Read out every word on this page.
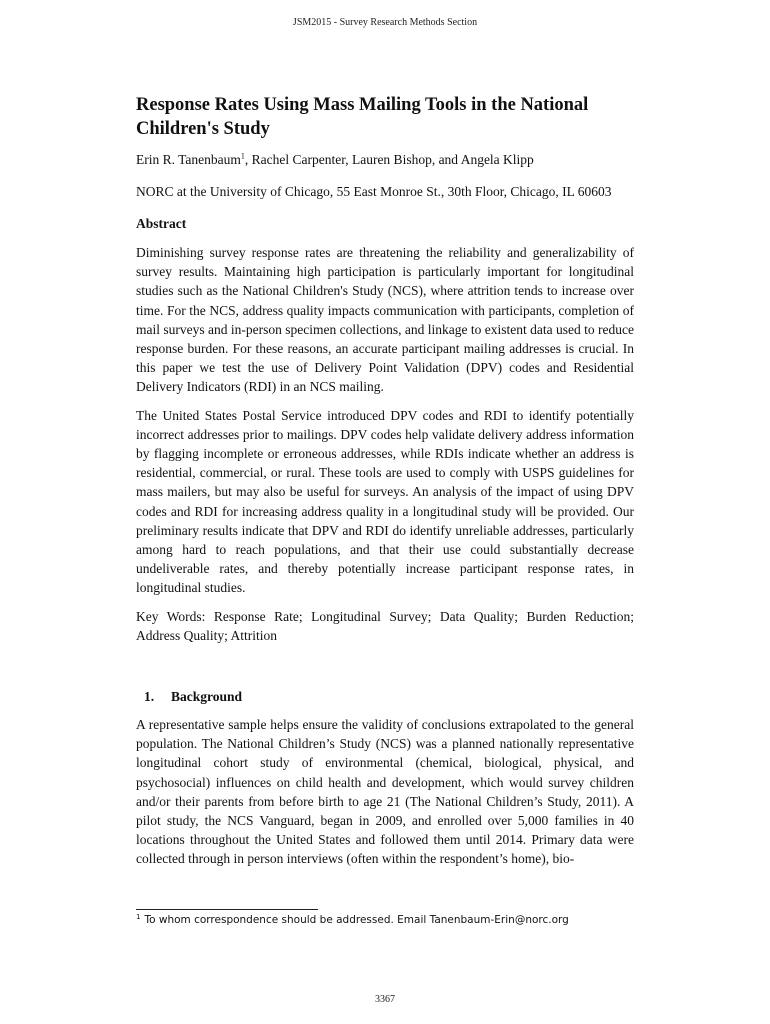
JSM2015 - Survey Research Methods Section
Response Rates Using Mass Mailing Tools in the National Children's Study

Erin R. Tanenbaum$^1$, Rachel Carpenter, Lauren Bishop, and Angela Klipp

NORC at the University of Chicago, 55 East Monroe St., 30th Floor, Chicago, IL 60603

Abstract

Diminishing survey response rates are threatening the reliability and generalizability of survey results. Maintaining high participation is particularly important for longitudinal studies such as the National Children's Study (NCS), where attrition tends to increase over time. For the NCS, address quality impacts communication with participants, completion of mail surveys and in-person specimen collections, and linkage to existent data used to reduce response burden. For these reasons, an accurate participant mailing addresses is crucial. In this paper we test the use of Delivery Point Validation (DPV) codes and Residential Delivery Indicators (RDI) in an NCS mailing.

The United States Postal Service introduced DPV codes and RDI to identify potentially incorrect addresses prior to mailings. DPV codes help validate delivery address information by flagging incomplete or erroneous addresses, while RDIs indicate whether an address is residential, commercial, or rural. These tools are used to comply with USPS guidelines for mass mailers, but may also be useful for surveys. An analysis of the impact of using DPV codes and RDI for increasing address quality in a longitudinal study will be provided. Our preliminary results indicate that DPV and RDI do identify unreliable addresses, particularly among hard to reach populations, and that their use could substantially decrease undeliverable rates, and thereby potentially increase participant response rates, in longitudinal studies.

Key Words: Response Rate; Longitudinal Survey; Data Quality; Burden Reduction; Address Quality; Attrition

1. Background

A representative sample helps ensure the validity of conclusions extrapolated to the general population. The National Children’s Study (NCS) was a planned nationally representative longitudinal cohort study of environmental (chemical, biological, physical, and psychosocial) influences on child health and development, which would survey children and/or their parents from before birth to age 21 (The National Children’s Study, 2011). A pilot study, the NCS Vanguard, began in 2009, and enrolled over 5,000 families in 40 locations throughout the United States and followed them until 2014. Primary data were collected through in person interviews (often within the respondent’s home), bio-

$^1$ To whom correspondence should be addressed. Email Tanenbaum-Erin@norc.org
3367
